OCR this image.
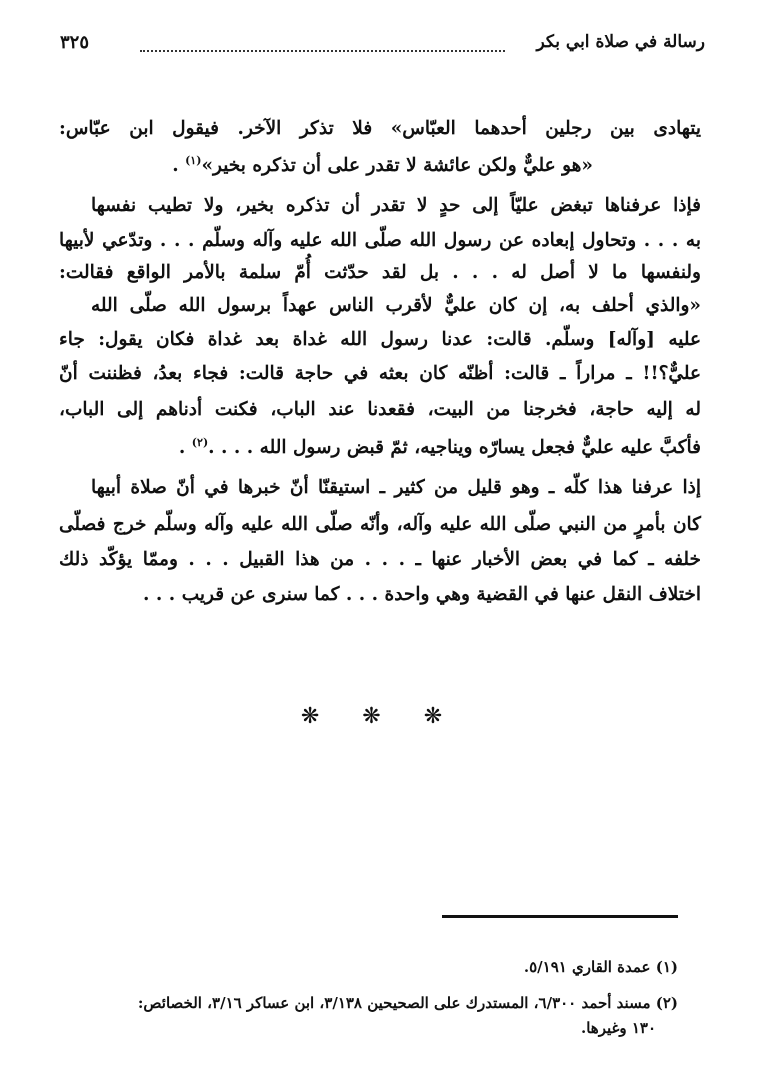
رسالة في صلاة ابي بكر
٣٢٥
يتهادى بين رجلين أحدهما العبّاس» فلا تذكر الآخر. فيقول ابن عبّاس:
«هو عليٌّ ولكن عائشة لا تقدر على أن تذكره بخير»$^{(١)}$ .
فإذا عرفناها تبغض عليّاً إلى حدٍ لا تقدر أن تذكره بخير، ولا تطيب نفسها
به . . . وتحاول إبعاده عن رسول الله صلّى الله عليه وآله وسلّم . . . وتدّعي لأبيها
ولنفسها ما لا أصل له . . . بل لقد حدّثت أُمّ سلمة بالأمر الواقع فقالت:
«والذي أحلف به، إن كان عليٌّ لأقرب الناس عهداً برسول الله صلّى الله
عليه [وآله] وسلّم. قالت: عدنا رسول الله غداة بعد غداة فكان يقول: جاء
عليٌّ؟!! ـ مراراً ـ قالت: أظنّه كان بعثه في حاجة قالت: فجاء بعدُ، فظننت أنّ
له إليه حاجة، فخرجنا من البيت، فقعدنا عند الباب، فكنت أدناهم إلى الباب،
فأكبَّ عليه عليٌّ فجعل يسارّه ويناجيه، ثمّ قبض رسول الله . . . .$^{(٢)}$ .
إذا عرفنا هذا كلّه ـ وهو قليل من كثير ـ استيقنّا أنّ خبرها في أنّ صلاة أبيها
كان بأمرٍ من النبي صلّى الله عليه وآله، وأنّه صلّى الله عليه وآله وسلّم خرج فصلّى
خلفه ـ كما في بعض الأخبار عنها ـ . . . من هذا القبيل . . . وممّا يؤكّد ذلك
اختلاف النقل عنها في القضية وهي واحدة . . . كما سنرى عن قريب . . .
❋ ❋ ❋
(١) عمدة القاري ٥/١٩١.
(٢) مسند أحمد ٦/٣٠٠، المستدرك على الصحيحين ٣/١٣٨، ابن عساكر ٣/١٦، الخصائص:
١٣٠ وغيرها.
